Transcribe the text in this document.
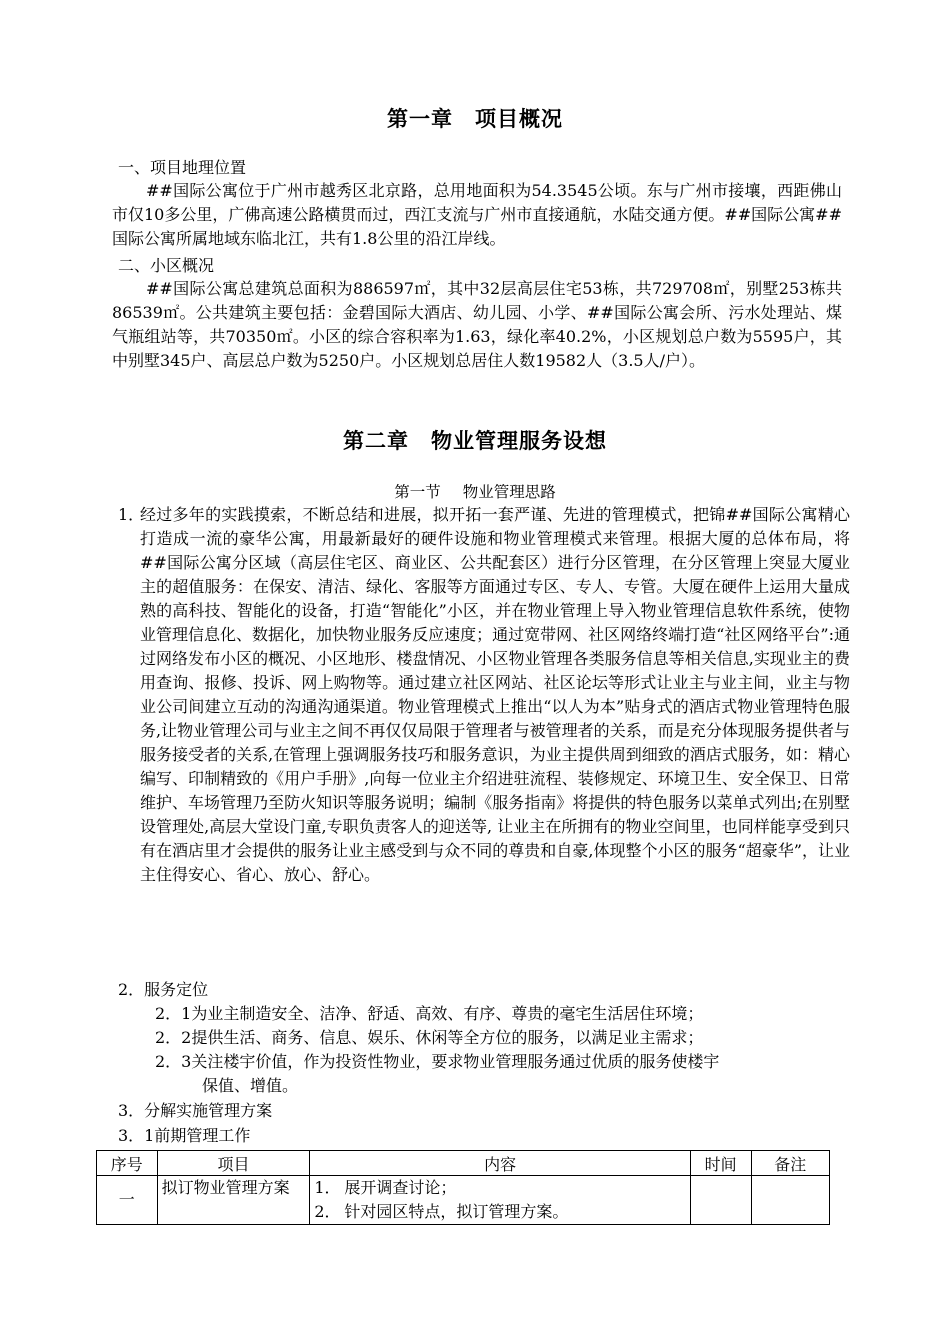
第一章 项目概况
一、项目地理位置

##国际公寓位于广州市越秀区北京路，总用地面积为54.3545公顷。东与广州市接壤，西距佛山市仅10多公里，广佛高速公路横贯而过，西江支流与广州市直接通航，水陆交通方便。##国际公寓##国际公寓所属地域东临北江，共有1.8公里的沿江岸线。

二、小区概况

##国际公寓总建筑总面积为886597㎡，其中32层高层住宅53栋，共729708㎡，别墅253栋共86539㎡。公共建筑主要包括：金碧国际大酒店、幼儿园、小学、##国际公寓会所、污水处理站、煤气瓶组站等，共70350㎡。小区的综合容积率为1.63，绿化率40.2%，小区规划总户数为5595户，其中别墅345户、高层总户数为5250户。小区规划总居住人数19582人（3.5人/户）。

第二章 物业管理服务设想
第一节 物业管理思路
1．
经过多年的实践摸索，不断总结和进展，拟开拓一套严谨、先进的管理模式，把锦##国际公寓精心打造成一流的豪华公寓，用最新最好的硬件设施和物业管理模式来管理。根据大厦的总体布局，将##国际公寓分区域（高层住宅区、商业区、公共配套区）进行分区管理，在分区管理上突显大厦业主的超值服务：在保安、清洁、绿化、客服等方面通过专区、专人、专管。大厦在硬件上运用大量成熟的高科技、智能化的设备，打造“智能化”小区，并在物业管理上导入物业管理信息软件系统，使物业管理信息化、数据化，加快物业服务反应速度；通过宽带网、社区网络终端打造“社区网络平台”:通过网络发布小区的概况、小区地形、楼盘情况、小区物业管理各类服务信息等相关信息,实现业主的费用查询、报修、投诉、网上购物等。通过建立社区网站、社区论坛等形式让业主与业主间，业主与物业公司间建立互动的沟通沟通渠道。物业管理模式上推出“以人为本”贴身式的酒店式物业管理特色服务,让物业管理公司与业主之间不再仅仅局限于管理者与被管理者的关系，而是充分体现服务提供者与服务接受者的关系,在管理上强调服务技巧和服务意识，为业主提供周到细致的酒店式服务，如：精心编写、印制精致的《用户手册》,向每一位业主介绍进驻流程、装修规定、环境卫生、安全保卫、日常维护、车场管理乃至防火知识等服务说明；编制《服务指南》将提供的特色服务以菜单式列出;在别墅设管理处,高层大堂设门童,专职负责客人的迎送等, 让业主在所拥有的物业空间里，也同样能享受到只有在酒店里才会提供的服务让业主感受到与众不同的尊贵和自豪,体现整个小区的服务“超豪华”，让业主住得安心、省心、放心、舒心。
2．服务定位
2．1为业主制造安全、洁净、舒适、高效、有序、尊贵的毫宅生活居住环境；
2．2提供生活、商务、信息、娱乐、休闲等全方位的服务，以满足业主需求；
2．3关注楼宇价值，作为投资性物业，要求物业管理服务通过优质的服务使楼宇
保值、增值。
3．分解实施管理方案
3．1前期管理工作
序号	项目	内容	时间	备注
一	拟订物业管理方案	1． 展开调查讨论；
2． 针对园区特点，拟订管理方案。		
